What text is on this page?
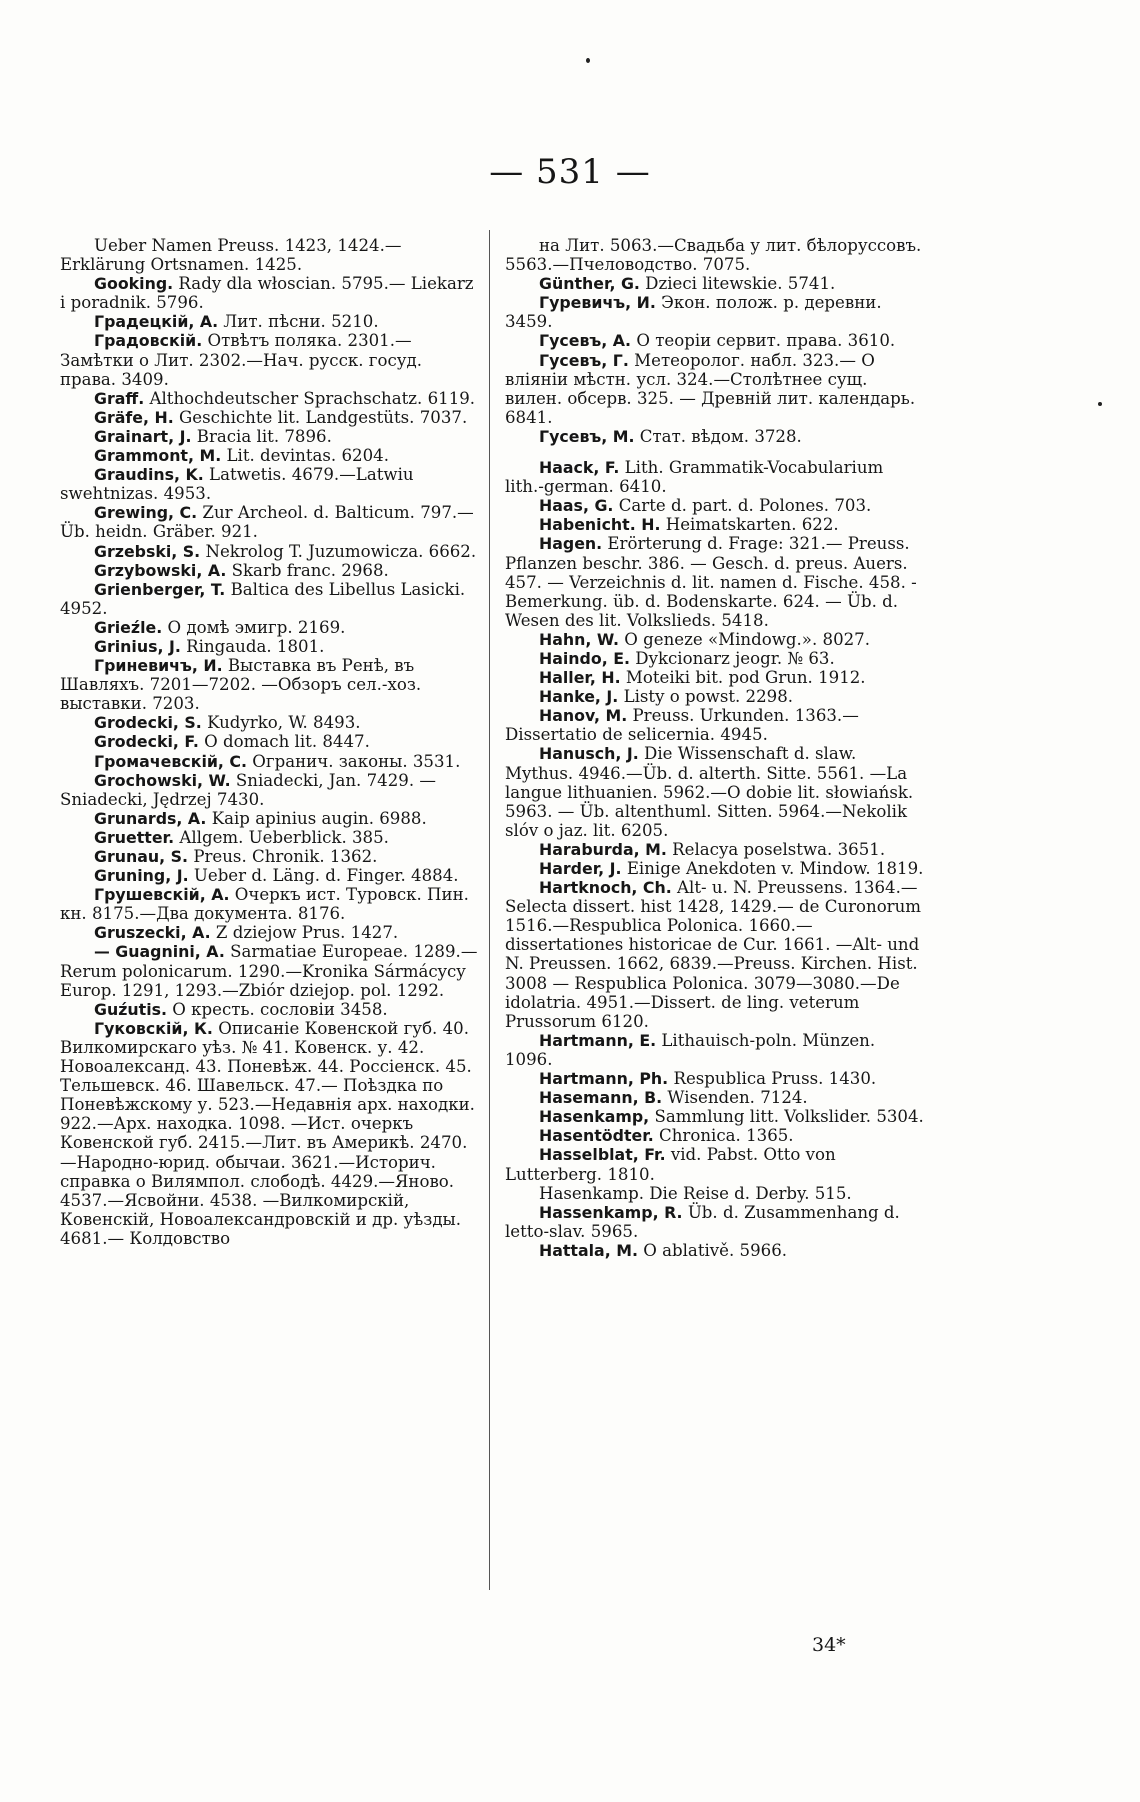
— 531 —

Ueber Namen Preuss. 1423, 1424.— Erklärung Ortsnamen. 1425.

Gooking. Rady dla włoscian. 5795.— Liekarz i poradnik. 5796.

Градецкій, А. Лит. пѣсни. 5210.

Градовскій. Отвѣтъ поляка. 2301.— Замѣтки о Лит. 2302.—Нач. русск. госуд. права. 3409.

Graff. Althochdeutscher Sprachschatz. 6119.

Gräfe, H. Geschichte lit. Landgestüts. 7037.

Grainart, J. Bracia lit. 7896.

Grammont, M. Lit. devintas. 6204.

Graudins, K. Latwetis. 4679.—Latwiu swehtnizas. 4953.

Grewing, C. Zur Archeol. d. Balticum. 797.—Üb. heidn. Gräber. 921.

Grzebski, S. Nekrolog T. Juzumowicza. 6662.

Grzybowski, A. Skarb franc. 2968.

Grienberger, T. Baltica des Libellus Lasicki. 4952.

Grieźle. О домѣ эмигр. 2169.

Grinius, J. Ringauda. 1801.

Гриневичъ, И. Выставка въ Ренѣ, въ Шавляхъ. 7201—7202. —Обзоръ сел.-хоз. выставки. 7203.

Grodecki, S. Kudyrko, W. 8493.

Grodecki, F. O domach lit. 8447.

Громачевскій, С. Огранич. законы. 3531.

Grochowski, W. Sniadecki, Jan. 7429. —Sniadecki, Jędrzej 7430.

Grunards, A. Kaip apinius augin. 6988.

Gruetter. Allgem. Ueberblick. 385.

Grunau, S. Preus. Chronik. 1362.

Gruning, J. Ueber d. Läng. d. Finger. 4884.

Грушевскій, А. Очеркъ ист. Туровск. Пин. кн. 8175.—Два документа. 8176.

Gruszecki, A. Z dziejow Prus. 1427.

— Guagnini, A. Sarmatiae Europeae. 1289.—Rerum polonicarum. 1290.—Kronika Sármácycy Europ. 1291, 1293.—Zbiór dziejop. pol. 1292.

Guźutis. О кресть. сословіи 3458.

Гуковскій, К. Описаніе Ковенской губ. 40. Вилкомирскаго уѣз. № 41. Ковенск. у. 42. Новоалександ. 43. Поневѣж. 44. Россіенск. 45. Тельшевск. 46. Шавельск. 47.— Поѣздка по Поневѣжскому у. 523.—Недавнія арх. находки. 922.—Арх. находка. 1098. —Ист. очеркъ Ковенской губ. 2415.—Лит. въ Америкѣ. 2470.—Народно-юрид. обычаи. 3621.—Историч. справка о Вилямпол. слободѣ. 4429.—Яново. 4537.—Ясвойни. 4538. —Вилкомирскій, Ковенскій, Новоалександровскій и др. уѣзды. 4681.— Колдовство

на Лит. 5063.—Свадьба у лит. бѣлоруссовъ. 5563.—Пчеловодство. 7075.

Günther, G. Dzieci litewskie. 5741.

Гуревичъ, И. Экон. полож. р. деревни. 3459.

Гусевъ, А. О теоріи сервит. права. 3610.

Гусевъ, Г. Метеоролог. набл. 323.— О вліяніи мѣстн. усл. 324.—Столѣтнее сущ. вилен. обсерв. 325. — Древній лит. календарь. 6841.

Гусевъ, М. Стат. вѣдом. 3728.

Haack, F. Lith. Grammatik-Vocabularium lith.-german. 6410.

Haas, G. Carte d. part. d. Polones. 703.

Habenicht. H. Heimatskarten. 622.

Hagen. Erörterung d. Frage: 321.— Preuss. Pflanzen beschr. 386. — Gesch. d. preus. Auers. 457. — Verzeichnis d. lit. namen d. Fische. 458. - Bemerkung. üb. d. Bodenskarte. 624. — Üb. d. Wesen des lit. Volkslieds. 5418.

Hahn, W. O geneze «Mindowg.». 8027.

Haindo, E. Dykcionarz jeogr. № 63.

Haller, H. Moteiki bit. pod Grun. 1912.

Hanke, J. Listy o powst. 2298.

Hanov, M. Preuss. Urkunden. 1363.— Dissertatio de selicernia. 4945.

Hanusch, J. Die Wissenschaft d. slaw. Mythus. 4946.—Üb. d. alterth. Sitte. 5561. —La langue lithuanien. 5962.—O dobie lit. słowiańsk. 5963. — Üb. altenthuml. Sitten. 5964.—Nekolik slóv o jaz. lit. 6205.

Haraburda, M. Relacya poselstwa. 3651.

Harder, J. Einige Anekdoten v. Mindow. 1819.

Hartknoch, Ch. Alt- u. N. Preussens. 1364.—Selecta dissert. hist 1428, 1429.— de Curonorum 1516.—Respublica Polonica. 1660.—dissertationes historicae de Cur. 1661. —Alt- und N. Preussen. 1662, 6839.—Preuss. Kirchen. Hist. 3008 — Respublica Polonica. 3079—3080.—De idolatria. 4951.—Dissert. de ling. veterum Prussorum 6120.

Hartmann, E. Lithauisch-poln. Münzen. 1096.

Hartmann, Ph. Respublica Pruss. 1430.

Hasemann, B. Wisenden. 7124.

Hasenkamp, Sammlung litt. Volkslider. 5304.

Hasentödter. Chronica. 1365.

Hasselblat, Fr. vid. Pabst. Otto von Lutterberg. 1810.

Hasenkamp. Die Reise d. Derby. 515.

Hassenkamp, R. Üb. d. Zusammenhang d. letto-slav. 5965.

Hattala, M. O ablativě. 5966.

34*
